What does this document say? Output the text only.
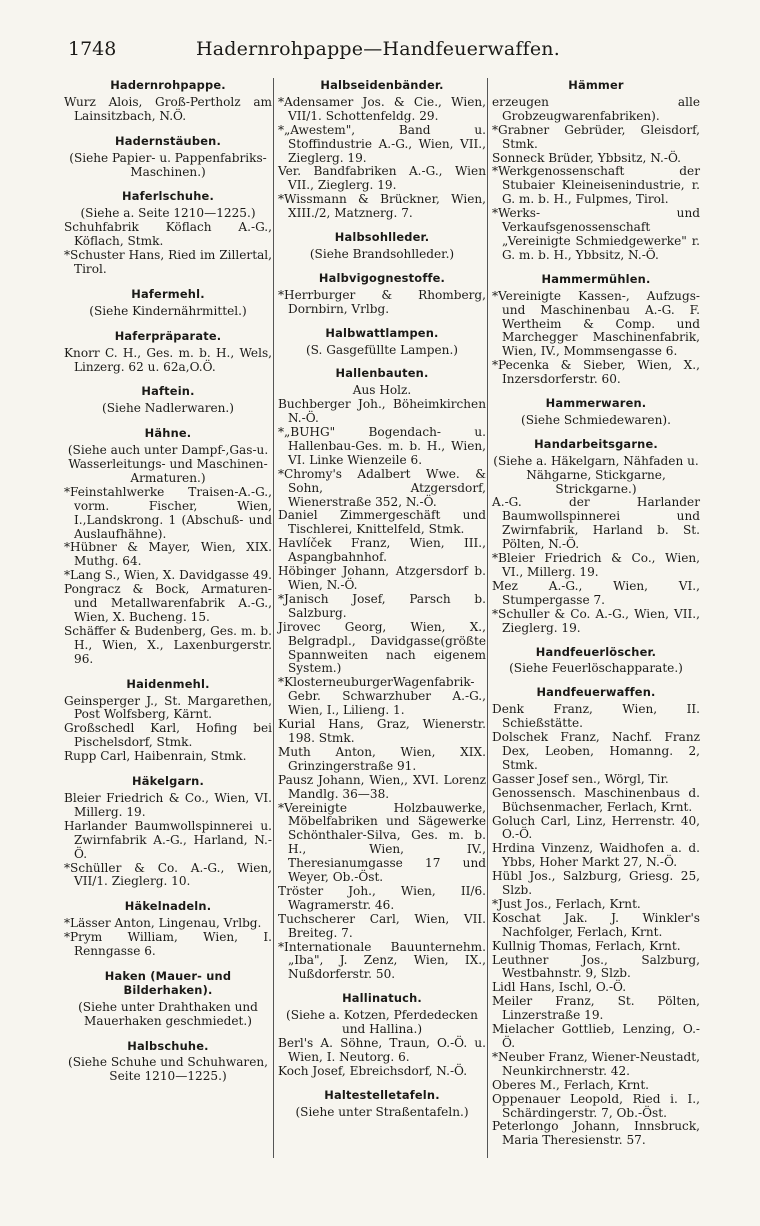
1748	Hadernrohpappe—Handfeuerwaffen.
Hadernrohpappe.
Wurz Alois, Groß-Pertholz am Lainsitzbach, N.Ö.
Hadernstäuben.
(Siehe Papier- u. Pappenfabriks-Maschinen.)
Haferlschuhe.
(Siehe a. Seite 1210—1225.)
Schuhfabrik Köflach A.-G., Köflach, Stmk.
*Schuster Hans, Ried im Zillertal, Tirol.
Hafermehl.
(Siehe Kindernährmittel.)
Haferpräparate.
Knorr C. H., Ges. m. b. H., Wels, Linzerg. 62 u. 62a,O.Ö.
Haftein.
(Siehe Nadlerwaren.)
Hähne.
(Siehe auch unter Dampf-,Gas-u. Wasserleitungs- und Maschinen-Armaturen.)
*Feinstahlwerke Traisen-A.-G., vorm. Fischer, Wien, I.,Landskrong. 1 (Abschuß- und Auslaufhähne).
*Hübner & Mayer, Wien, XIX. Muthg. 64.
*Lang S., Wien, X. Davidgasse 49.
Pongracz & Bock, Armaturen- und Metallwarenfabrik A.-G., Wien, X. Bucheng. 15.
Schäffer & Budenberg, Ges. m. b. H., Wien, X., Laxenburgerstr. 96.
Haidenmehl.
Geinsperger J., St. Margarethen, Post Wolfsberg, Kärnt.
Großschedl Karl, Hofing bei Pischelsdorf, Stmk.
Rupp Carl, Haibenrain, Stmk.
Häkelgarn.
Bleier Friedrich & Co., Wien, VI. Millerg. 19.
Harlander Baumwollspinnerei u. Zwirnfabrik A.-G., Harland, N.-Ö.
*Schüller & Co. A.-G., Wien, VII/1. Zieglerg. 10.
Häkelnadeln.
*Lässer Anton, Lingenau, Vrlbg.
*Prym William, Wien, I. Renngasse 6.
Haken (Mauer- und Bilderhaken).
(Siehe unter Drahthaken und Mauerhaken geschmiedet.)
Halbschuhe.
(Siehe Schuhe und Schuhwaren, Seite 1210—1225.)
Halbseidenbänder.
*Adensamer Jos. & Cie., Wien, VII/1. Schottenfeldg. 29.
*„Awestem", Band u. Stoffindustrie A.-G., Wien, VII., Zieglerg. 19.
Ver. Bandfabriken A.-G., Wien VII., Zieglerg. 19.
*Wissmann & Brückner, Wien, XIII./2, Matznerg. 7.
Halbsohlleder.
(Siehe Brandsohlleder.)
Halbvigognestoffe.
*Herrburger & Rhomberg, Dornbirn, Vrlbg.
Halbwattlampen.
(S. Gasgefüllte Lampen.)
Hallenbauten.
Aus Holz.
Buchberger Joh., Böheimkirchen N.-Ö.
*„BUHG" Bogendach- u. Hallenbau-Ges. m. b. H., Wien, VI. Linke Wienzeile 6.
*Chromy's Adalbert Wwe. & Sohn, Atzgersdorf, Wienerstraße 352, N.-Ö.
Daniel Zimmergeschäft und Tischlerei, Knittelfeld, Stmk.
Havlíček Franz, Wien, III., Aspangbahnhof.
Höbinger Johann, Atzgersdorf b. Wien, N.-Ö.
*Janisch Josef, Parsch b. Salzburg.
Jirovec Georg, Wien, X., Belgradpl., Davidgasse(größte Spannweiten nach eigenem System.)
*KlosterneuburgerWagenfabrik-Gebr. Schwarzhuber A.-G., Wien, I., Lilieng. 1.
Kurial Hans, Graz, Wienerstr. 198. Stmk.
Muth Anton, Wien, XIX. Grinzingerstraße 91.
Pausz Johann, Wien,, XVI. Lorenz Mandlg. 36—38.
*Vereinigte Holzbauwerke, Möbelfabriken und Sägewerke Schönthaler-Silva, Ges. m. b. H., Wien, IV., Theresianumgasse 17 und Weyer, Ob.-Öst.
Tröster Joh., Wien, II/6. Wagramerstr. 46.
Tuchscherer Carl, Wien, VII. Breiteg. 7.
*Internationale Bauunternehm. „Iba", J. Zenz, Wien, IX., Nußdorferstr. 50.
Hallinatuch.
(Siehe a. Kotzen, Pferdedecken und Hallina.)
Berl's A. Söhne, Traun, O.-Ö. u. Wien, I. Neutorg. 6.
Koch Josef, Ebreichsdorf, N.-Ö.
Haltestelletafeln.
(Siehe unter Straßentafeln.)
Hämmer
erzeugen alle Grobzeugwarenfabriken).
*Grabner Gebrüder, Gleisdorf, Stmk.
Sonneck Brüder, Ybbsitz, N.-Ö.
*Werkgenossenschaft der Stubaier Kleineisenindustrie, r. G. m. b. H., Fulpmes, Tirol.
*Werks- und Verkaufsgenossenschaft „Vereinigte Schmiedgewerke" r. G. m. b. H., Ybbsitz, N.-Ö.
Hammermühlen.
*Vereinigte Kassen-, Aufzugs- und Maschinenbau A.-G. F. Wertheim & Comp. und Marchegger Maschinenfabrik, Wien, IV., Mommsengasse 6.
*Pecenka & Sieber, Wien, X., Inzersdorferstr. 60.
Hammerwaren.
(Siehe Schmiedewaren).
Handarbeitsgarne.
(Siehe a. Häkelgarn, Nähfaden u. Nähgarne, Stickgarne, Strickgarne.)
A.-G. der Harlander Baumwollspinnerei und Zwirnfabrik, Harland b. St. Pölten, N.-Ö.
*Bleier Friedrich & Co., Wien, VI., Millerg. 19.
Mez A.-G., Wien, VI., Stumpergasse 7.
*Schuller & Co. A.-G., Wien, VII., Zieglerg. 19.
Handfeuerlöscher.
(Siehe Feuerlöschapparate.)
Handfeuerwaffen.
Denk Franz, Wien, II. Schießstätte.
Dolschek Franz, Nachf. Franz Dex, Leoben, Homanng. 2, Stmk.
Gasser Josef sen., Wörgl, Tir.
Genossensch. Maschinenbaus d. Büchsenmacher, Ferlach, Krnt.
Goluch Carl, Linz, Herrenstr. 40, O.-Ö.
Hrdina Vinzenz, Waidhofen a. d. Ybbs, Hoher Markt 27, N.-Ö.
Hübl Jos., Salzburg, Griesg. 25, Slzb.
*Just Jos., Ferlach, Krnt.
Koschat Jak. J. Winkler's Nachfolger, Ferlach, Krnt.
Kullnig Thomas, Ferlach, Krnt.
Leuthner Jos., Salzburg, Westbahnstr. 9, Slzb.
Lidl Hans, Ischl, O.-Ö.
Meiler Franz, St. Pölten, Linzerstraße 19.
Mielacher Gottlieb, Lenzing, O.-Ö.
*Neuber Franz, Wiener-Neustadt, Neunkirchnerstr. 42.
Oberes M., Ferlach, Krnt.
Oppenauer Leopold, Ried i. I., Schärdingerstr. 7, Ob.-Öst.
Peterlongo Johann, Innsbruck, Maria Theresienstr. 57.
